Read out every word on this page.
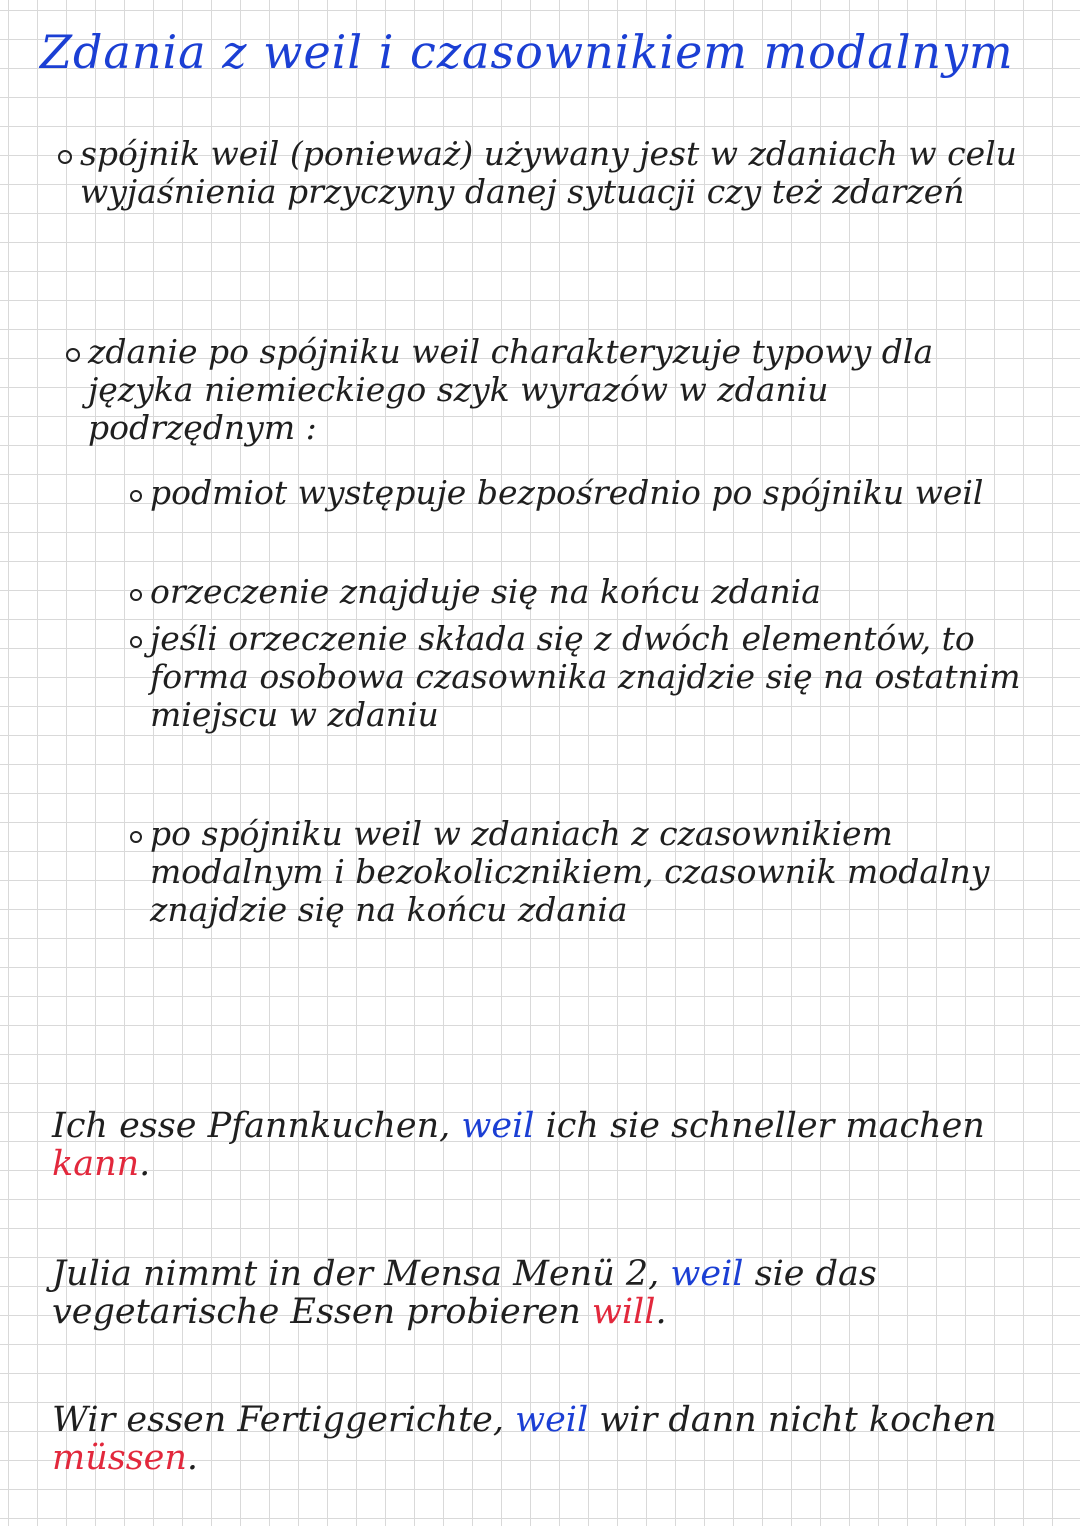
Zdania z weil i czasownikiem modalnym
spójnik weil (ponieważ) używany jest w zdaniach w celu wyjaśnienia przyczyny danej sytuacji czy też zdarzeń
zdanie po spójniku weil charakteryzuje typowy dla języka niemieckiego szyk wyrazów w zdaniu podrzędnym :
podmiot występuje bezpośrednio po spójniku weil
orzeczenie znajduje się na końcu zdania
jeśli orzeczenie składa się z dwóch elementów, to forma osobowa czasownika znajdzie się na ostatnim miejscu w zdaniu
po spójniku weil w zdaniach z czasownikiem modalnym i bezokolicznikiem, czasownik modalny znajdzie się na końcu zdania
Ich esse Pfannkuchen, weil ich sie schneller machen kann.
Julia nimmt in der Mensa Menü 2, weil sie das vegetarische Essen probieren will.
Wir essen Fertiggerichte, weil wir dann nicht kochen müssen.
